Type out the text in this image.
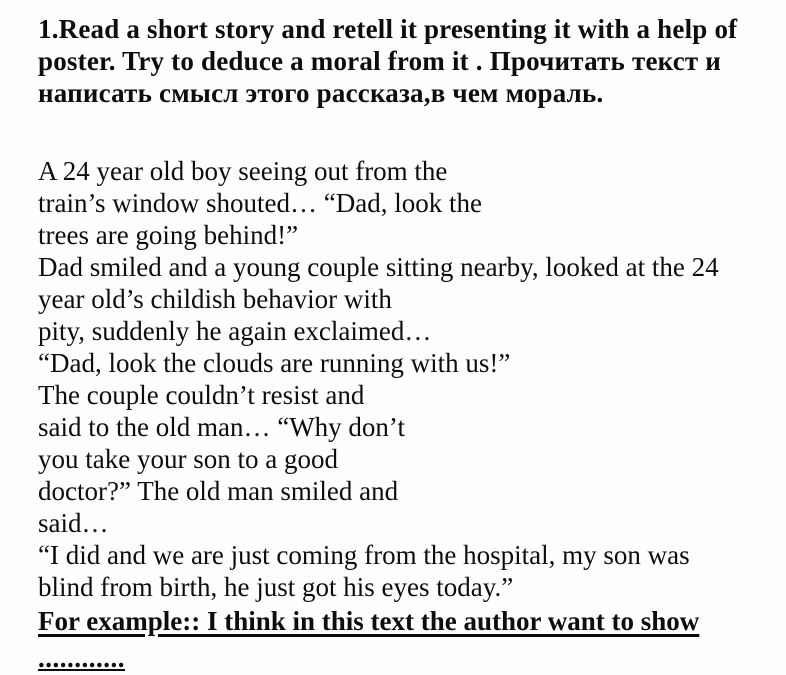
1.Read a short story and retell it presenting it with a help of
poster. Try to deduce a moral from it . Прочитать текст и
написать смысл этого рассказа,в чем мораль.
A 24 year old boy seeing out from the
train’s window shouted… “Dad, look the
trees are going behind!”
Dad smiled and a young couple sitting nearby, looked at the 24
year old’s childish behavior with
pity, suddenly he again exclaimed…
“Dad, look the clouds are running with us!”
The couple couldn’t resist and
said to the old man… “Why don’t
you take your son to a good
doctor?” The old man smiled and
said…
“I did and we are just coming from the hospital, my son was
blind from birth, he just got his eyes today.”
For example:: I think in this text the author want to show
............
